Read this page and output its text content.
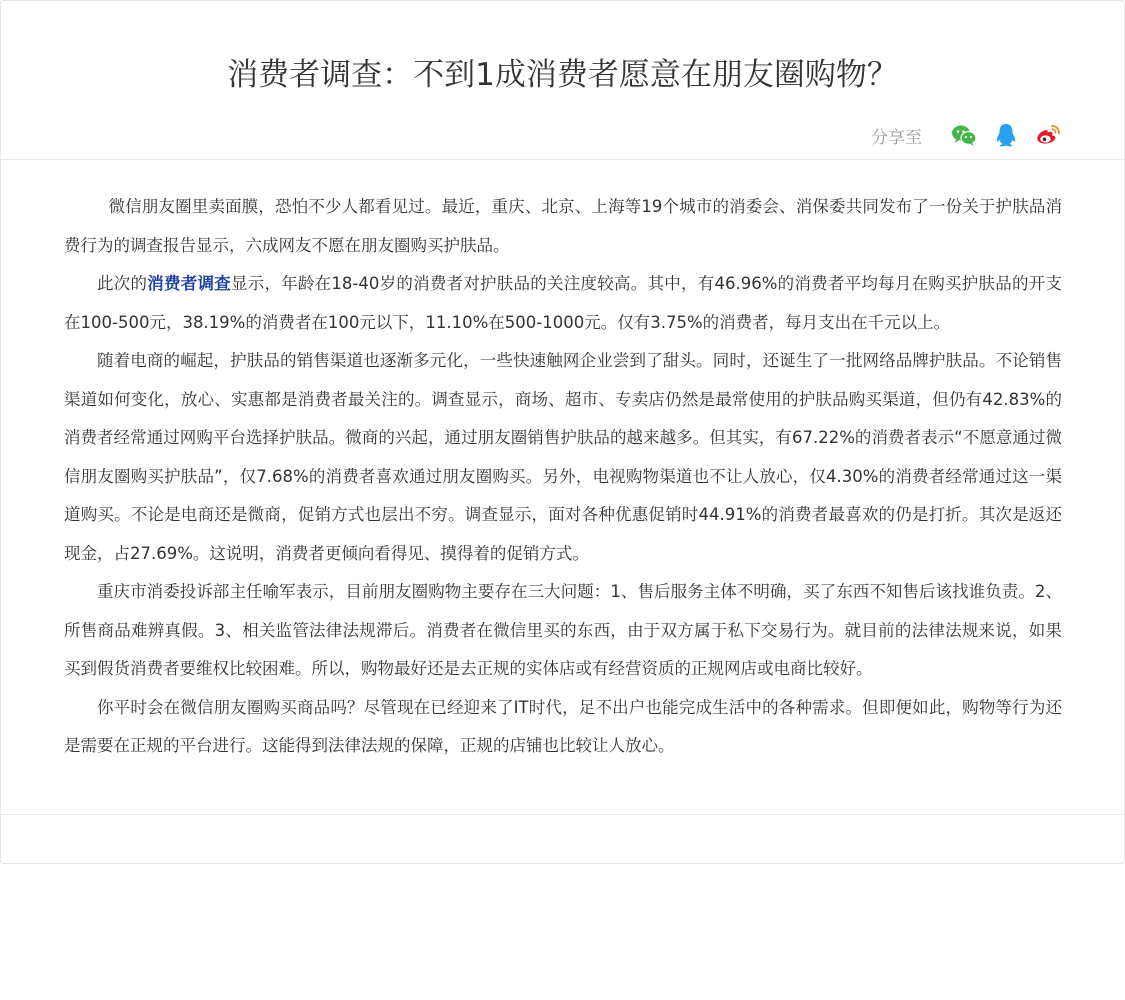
消费者调查：不到1成消费者愿意在朋友圈购物？
分享至

微信朋友圈里卖面膜，恐怕不少人都看见过。最近，重庆、北京、上海等19个城市的消委会、消保委共同发布了一份关于护肤品消费行为的调查报告显示，六成网友不愿在朋友圈购买护肤品。

此次的消费者调查显示，年龄在18-40岁的消费者对护肤品的关注度较高。其中，有46.96%的消费者平均每月在购买护肤品的开支在100-500元，38.19%的消费者在100元以下，11.10%在500-1000元。仅有3.75%的消费者，每月支出在千元以上。

随着电商的崛起，护肤品的销售渠道也逐渐多元化，一些快速触网企业尝到了甜头。同时，还诞生了一批网络品牌护肤品。不论销售渠道如何变化，放心、实惠都是消费者最关注的。调查显示，商场、超市、专卖店仍然是最常使用的护肤品购买渠道，但仍有42.83%的消费者经常通过网购平台选择护肤品。微商的兴起，通过朋友圈销售护肤品的越来越多。但其实，有67.22%的消费者表示“不愿意通过微信朋友圈购买护肤品”，仅7.68%的消费者喜欢通过朋友圈购买。另外，电视购物渠道也不让人放心，仅4.30%的消费者经常通过这一渠道购买。不论是电商还是微商，促销方式也层出不穷。调查显示，面对各种优惠促销时44.91%的消费者最喜欢的仍是打折。其次是返还现金，占27.69%。这说明，消费者更倾向看得见、摸得着的促销方式。

重庆市消委投诉部主任喻军表示，目前朋友圈购物主要存在三大问题：1、售后服务主体不明确，买了东西不知售后该找谁负责。2、所售商品难辨真假。3、相关监管法律法规滞后。消费者在微信里买的东西，由于双方属于私下交易行为。就目前的法律法规来说，如果买到假货消费者要维权比较困难。所以，购物最好还是去正规的实体店或有经营资质的正规网店或电商比较好。

你平时会在微信朋友圈购买商品吗？尽管现在已经迎来了IT时代，足不出户也能完成生活中的各种需求。但即便如此，购物等行为还是需要在正规的平台进行。这能得到法律法规的保障，正规的店铺也比较让人放心。
